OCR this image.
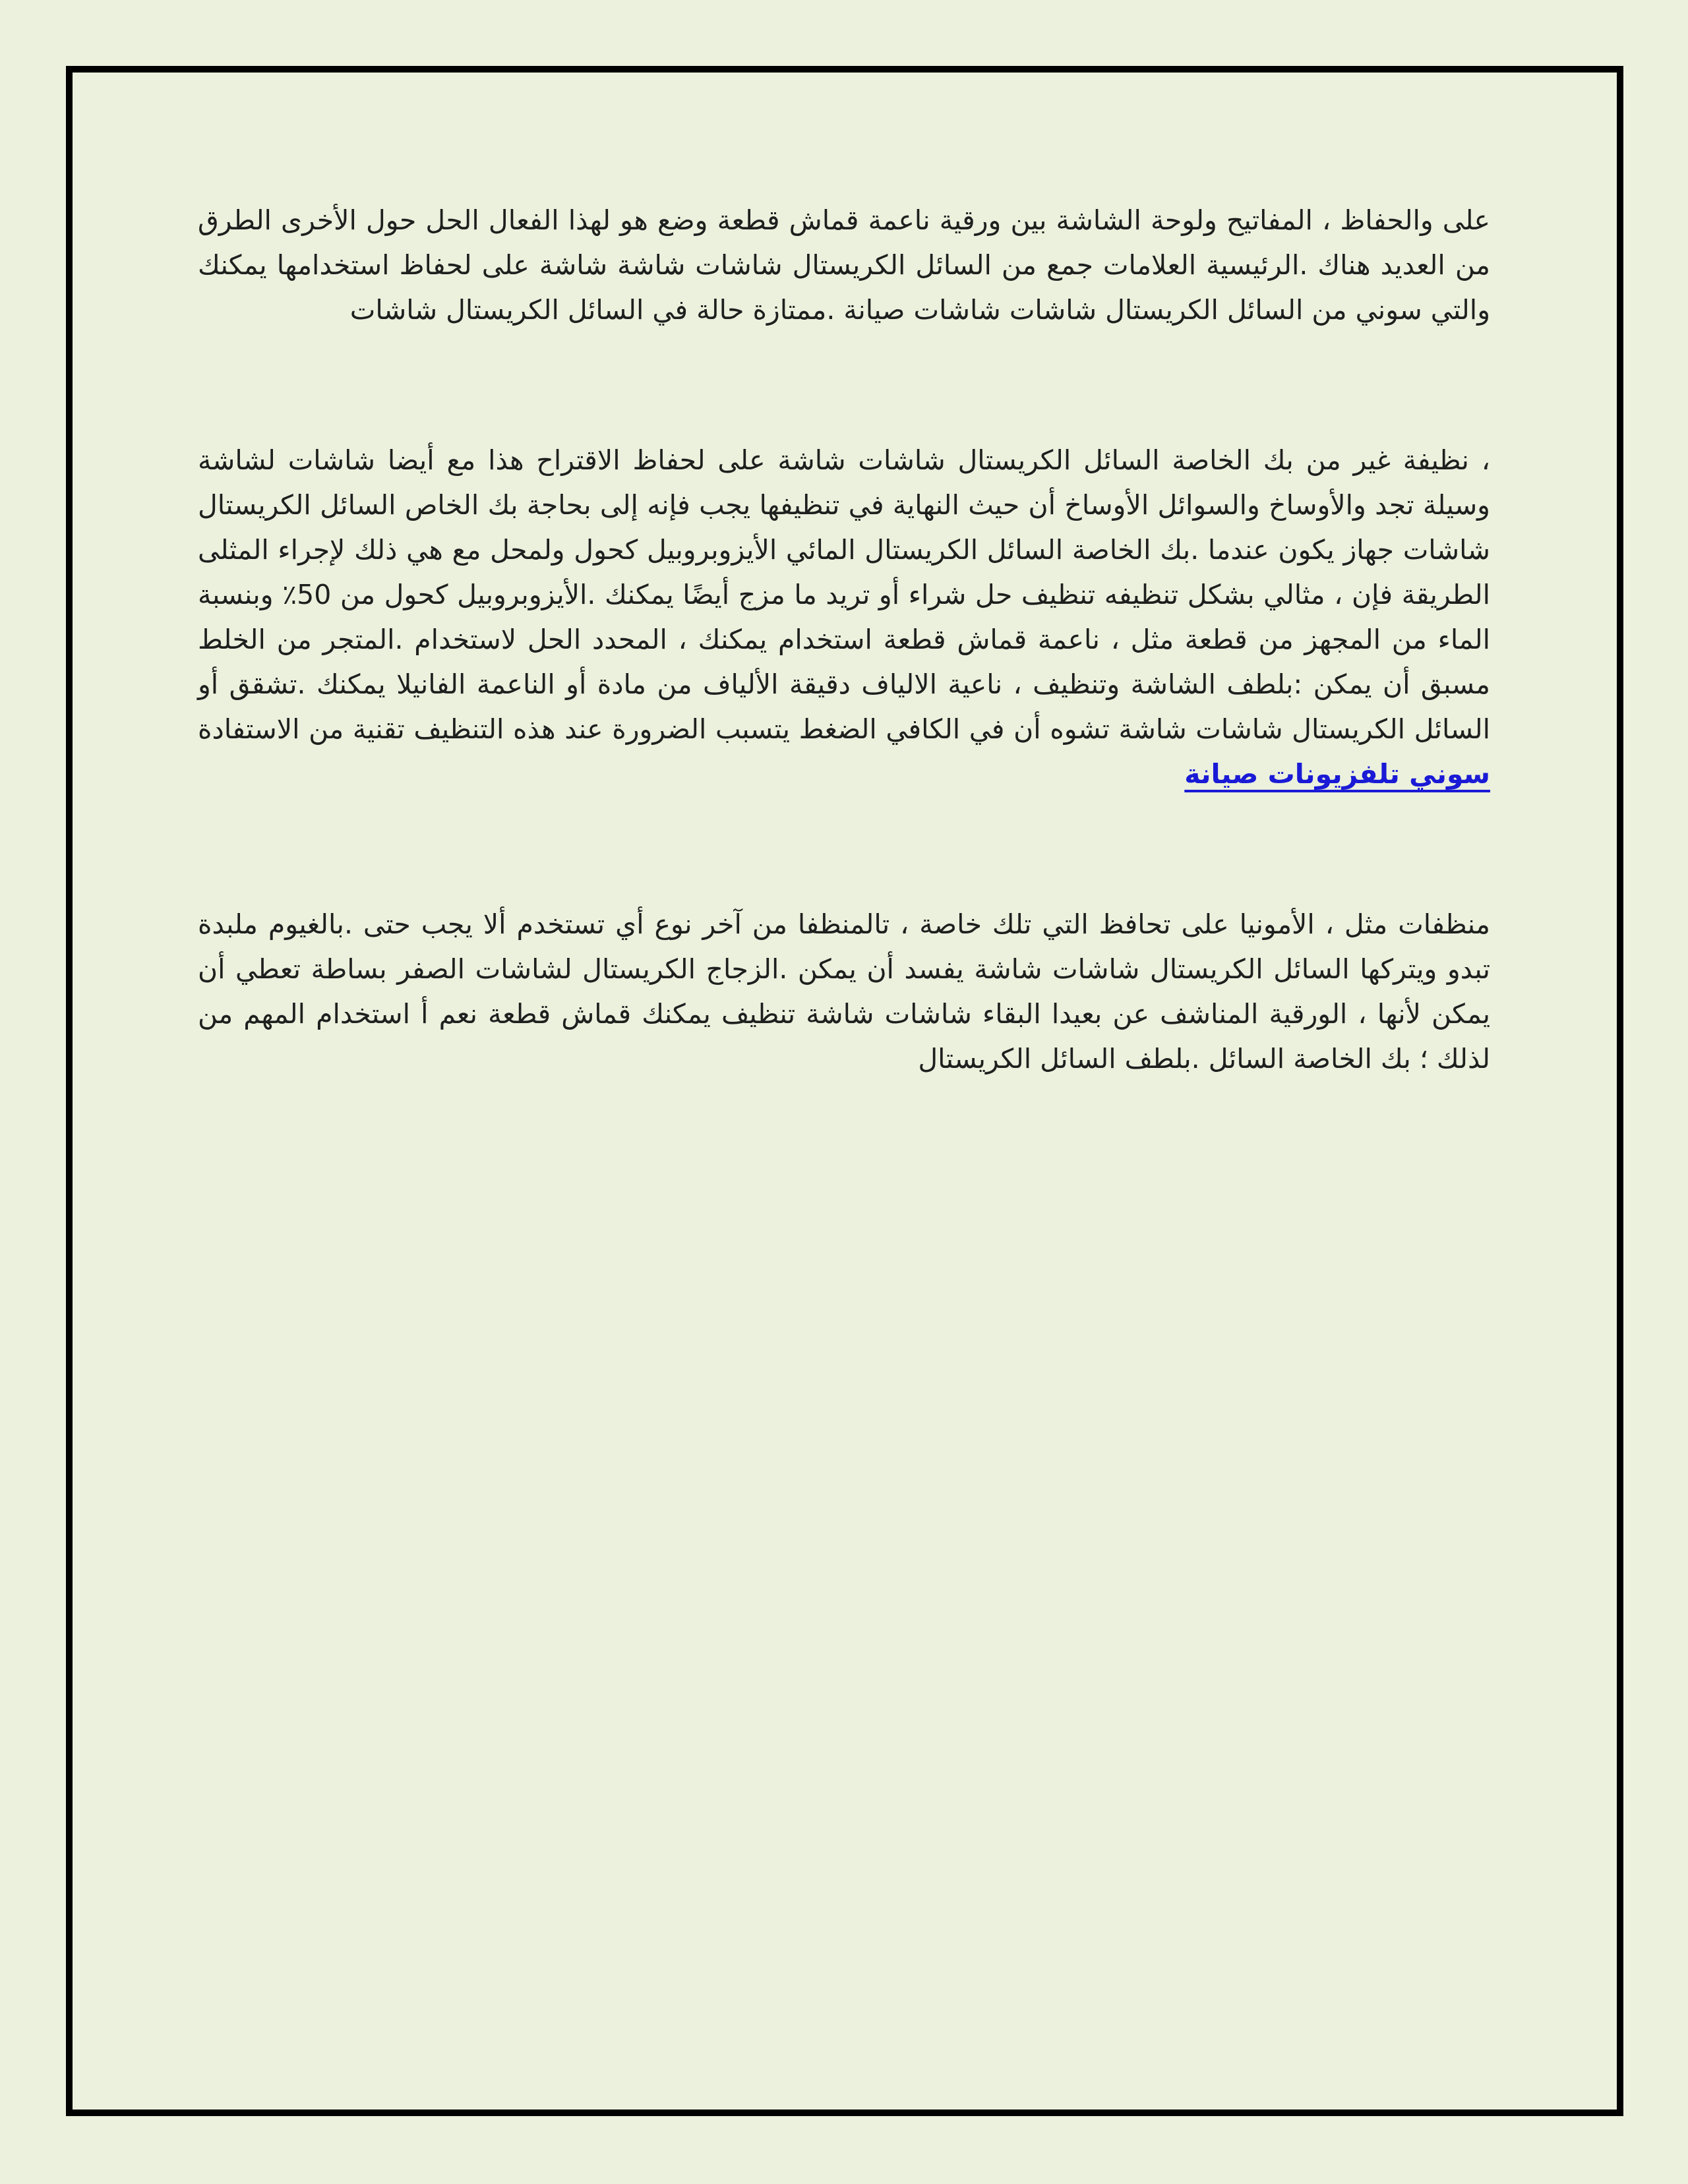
على والحفاظ ، المفاتيح ولوحة الشاشة بين ورقية ناعمة قماش قطعة وضع هو لهذا الفعال الحل حول الأخرى الطرق من العديد هناك .الرئيسية العلامات جمع من السائل الكريستال شاشات شاشة شاشة على لحفاظ استخدامها يمكنك والتي سوني من السائل الكريستال شاشات شاشات صيانة .ممتازة حالة في السائل الكريستال شاشات

، نظيفة غير من بك الخاصة السائل الكريستال شاشات شاشة على لحفاظ الاقتراح هذا مع أيضا شاشات لشاشة وسيلة تجد والأوساخ والسوائل الأوساخ أن حيث النهاية في تنظيفها يجب فإنه إلى بحاجة بك الخاص السائل الكريستال شاشات جهاز يكون عندما .بك الخاصة السائل الكريستال المائي الأيزوبروبيل كحول ولمحل مع هي ذلك لإجراء المثلى الطريقة فإن ، مثالي بشكل تنظيفه تنظيف حل شراء أو تريد ما مزج أيضًا يمكنك .الأيزوبروبيل كحول من 50٪ وبنسبة الماء من المجهز من قطعة مثل ، ناعمة قماش قطعة استخدام يمكنك ، المحدد الحل لاستخدام .المتجر من الخلط مسبق أن يمكن :بلطف الشاشة وتنظيف ، ناعية الالياف دقيقة الألياف من مادة أو الناعمة الفانيلا يمكنك .تشقق أو السائل الكريستال شاشات شاشة تشوه أن في الكافي الضغط يتسبب الضرورة عند هذه التنظيف تقنية من الاستفادة سوني تلفزيونات صيانة

منظفات مثل ، الأمونيا على تحافظ التي تلك خاصة ، تالمنظفا من آخر نوع أي تستخدم ألا يجب حتى .بالغيوم ملبدة تبدو ويتركها السائل الكريستال شاشات شاشة يفسد أن يمكن .الزجاج الكريستال لشاشات الصفر بساطة تعطي أن يمكن لأنها ، الورقية المناشف عن بعيدا البقاء شاشات شاشة تنظيف يمكنك قماش قطعة نعم أ استخدام المهم من لذلك ؛ بك الخاصة السائل .بلطف السائل الكريستال
